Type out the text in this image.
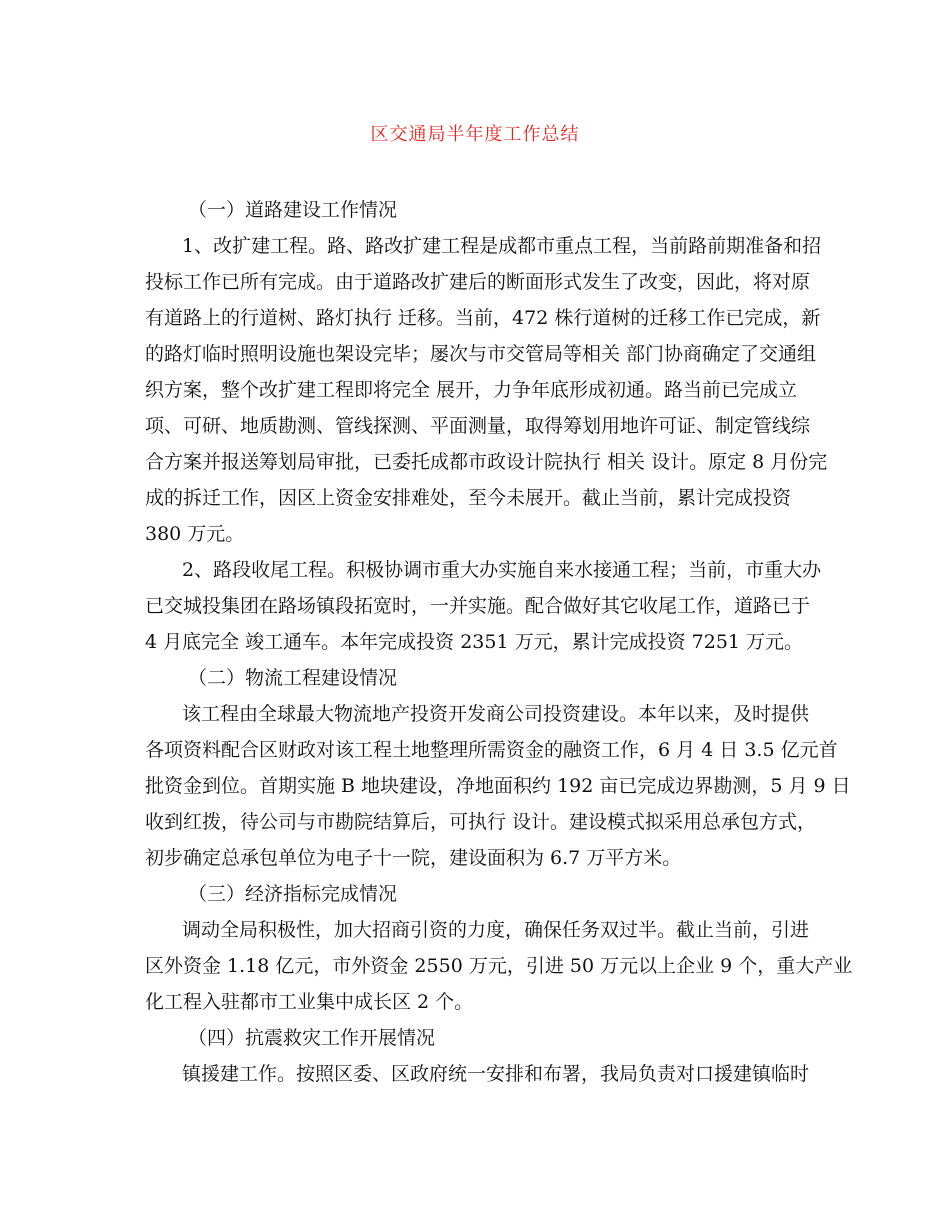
区交通局半年度工作总结
（一）道路建设工作情况
1、改扩建工程。路、路改扩建工程是成都市重点工程，当前路前期准备和招
投标工作已所有完成。由于道路改扩建后的断面形式发生了改变，因此，将对原
有道路上的行道树、路灯执行 迁移。当前，472 株行道树的迁移工作已完成，新
的路灯临时照明设施也架设完毕；屡次与市交管局等相关 部门协商确定了交通组
织方案，整个改扩建工程即将完全 展开，力争年底形成初通。路当前已完成立
项、可研、地质勘测、管线探测、平面测量，取得筹划用地许可证、制定管线综
合方案并报送筹划局审批，已委托成都市政设计院执行 相关 设计。原定 8 月份完
成的拆迁工作，因区上资金安排难处，至今未展开。截止当前，累计完成投资
380 万元。
2、路段收尾工程。积极协调市重大办实施自来水接通工程；当前，市重大办
已交城投集团在路场镇段拓宽时，一并实施。配合做好其它收尾工作，道路已于
4 月底完全 竣工通车。本年完成投资 2351 万元，累计完成投资 7251 万元。
（二）物流工程建设情况
该工程由全球最大物流地产投资开发商公司投资建设。本年以来，及时提供
各项资料配合区财政对该工程土地整理所需资金的融资工作，6 月 4 日 3.5 亿元首
批资金到位。首期实施 B 地块建设，净地面积约 192 亩已完成边界勘测，5 月 9 日
收到红拨，待公司与市勘院结算后，可执行 设计。建设模式拟采用总承包方式，
初步确定总承包单位为电子十一院，建设面积为 6.7 万平方米。
（三）经济指标完成情况
调动全局积极性，加大招商引资的力度，确保任务双过半。截止当前，引进
区外资金 1.18 亿元，市外资金 2550 万元，引进 50 万元以上企业 9 个，重大产业
化工程入驻都市工业集中成长区 2 个。
（四）抗震救灾工作开展情况
镇援建工作。按照区委、区政府统一安排和布署，我局负责对口援建镇临时
